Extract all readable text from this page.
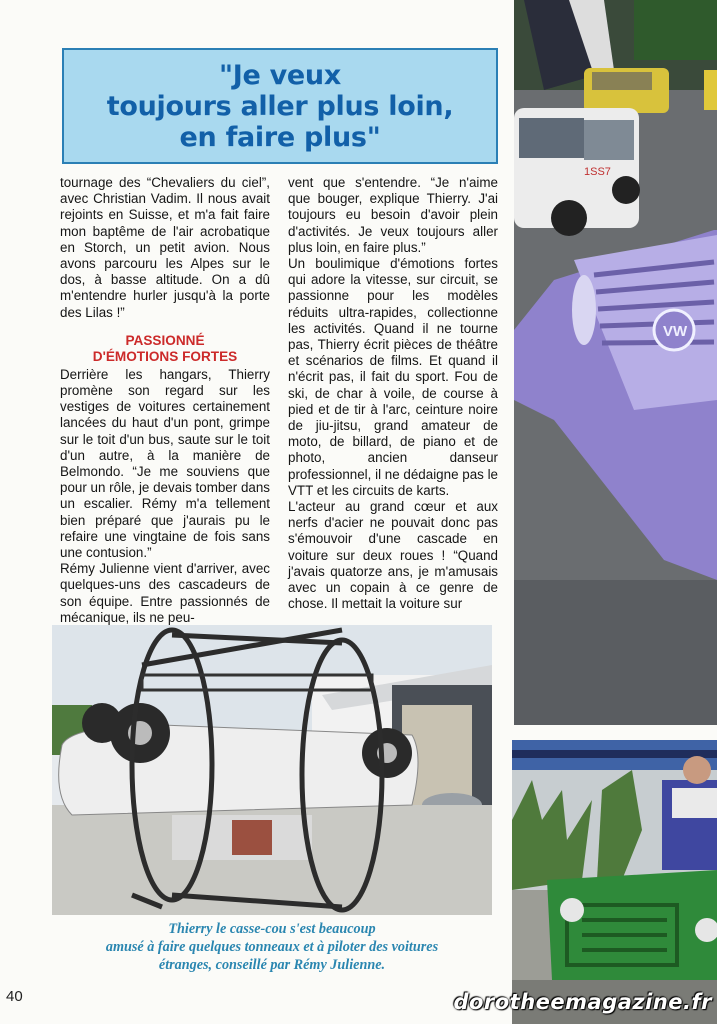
"Je veux
toujours aller plus loin,
en faire plus"

tournage des “Chevaliers du ciel”, avec Christian Vadim. Il nous avait rejoints en Suisse, et m'a fait faire mon baptême de l'air acrobatique en Storch, un petit avion. Nous avons parcouru les Alpes sur le dos, à basse altitude. On a dû m'entendre hurler jusqu'à la porte des Lilas !”

PASSIONNÉ
D'ÉMOTIONS FORTES

Derrière les hangars, Thierry promène son regard sur les vestiges de voitures certainement lancées du haut d'un pont, grimpe sur le toit d'un bus, saute sur le toit d'un autre, à la manière de Belmondo. “Je me souviens que pour un rôle, je devais tomber dans un escalier. Rémy m'a tellement bien préparé que j'aurais pu le refaire une vingtaine de fois sans une contusion.”

Rémy Julienne vient d'arriver, avec quelques-uns des cascadeurs de son équipe. Entre passionnés de mécanique, ils ne peu-

vent que s'entendre. “Je n'aime que bouger, explique Thierry. J'ai toujours eu besoin d'avoir plein d'activités. Je veux toujours aller plus loin, en faire plus.”

Un boulimique d'émotions fortes qui adore la vitesse, sur circuit, se passionne pour les modèles réduits ultra-rapides, collectionne les activités. Quand il ne tourne pas, Thierry écrit pièces de théâtre et scénarios de films. Et quand il n'écrit pas, il fait du sport. Fou de ski, de char à voile, de course à pied et de tir à l'arc, ceinture noire de jiu-jitsu, grand amateur de moto, de billard, de piano et de photo, ancien danseur professionnel, il ne dédaigne pas le VTT et les circuits de karts.

L'acteur au grand cœur et aux nerfs d'acier ne pouvait donc pas s'émouvoir d'une cascade en voiture sur deux roues ! “Quand j'avais quatorze ans, je m'amusais avec un copain à ce genre de chose. Il mettait la voiture sur

1SS7
VW
Thierry le casse-cou s'est beaucoup
amusé à faire quelques tonneaux et à piloter des voitures
étranges, conseillé par Rémy Julienne.
40	dorotheemagazine.fr
